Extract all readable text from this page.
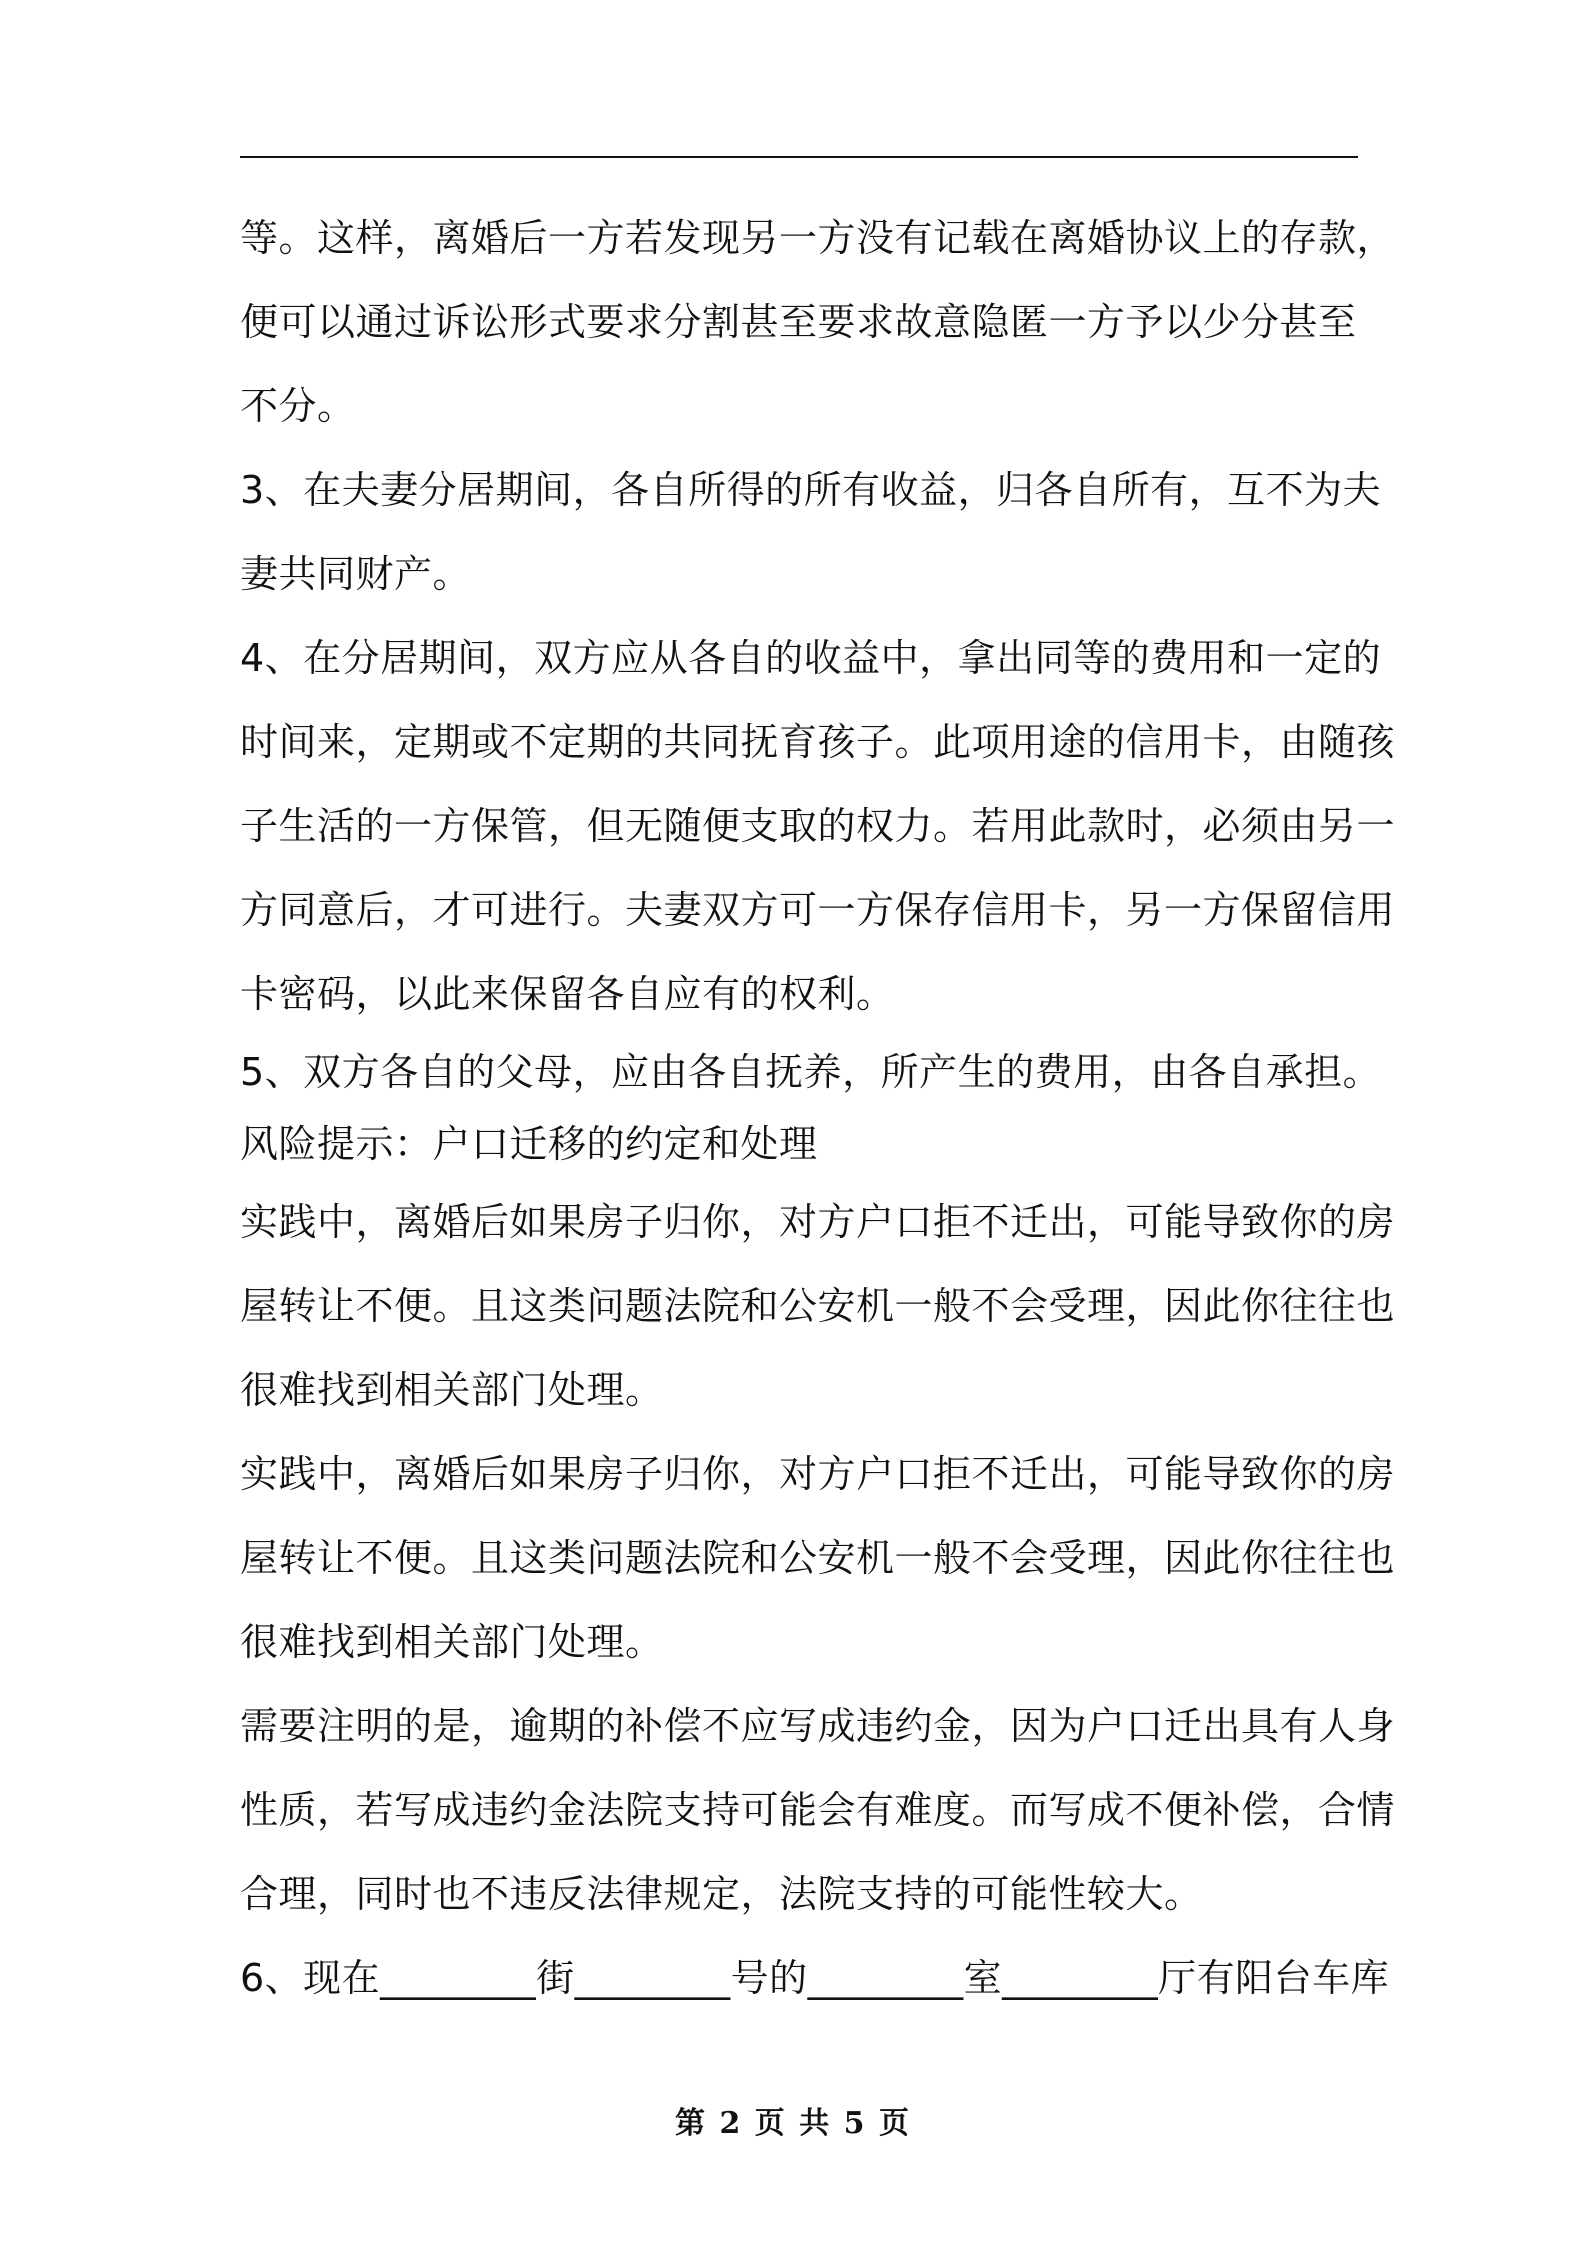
等。这样，离婚后一方若发现另一方没有记载在离婚协议上的存款，
便可以通过诉讼形式要求分割甚至要求故意隐匿一方予以少分甚至
不分。
3、在夫妻分居期间，各自所得的所有收益，归各自所有，互不为夫
妻共同财产。
4、在分居期间，双方应从各自的收益中，拿出同等的费用和一定的
时间来，定期或不定期的共同抚育孩子。此项用途的信用卡，由随孩
子生活的一方保管，但无随便支取的权力。若用此款时，必须由另一
方同意后，才可进行。夫妻双方可一方保存信用卡，另一方保留信用
卡密码，以此来保留各自应有的权利。
5、双方各自的父母，应由各自抚养，所产生的费用，由各自承担。
风险提示：户口迁移的约定和处理
实践中，离婚后如果房子归你，对方户口拒不迁出，可能导致你的房
屋转让不便。且这类问题法院和公安机一般不会受理，因此你往往也
很难找到相关部门处理。
实践中，离婚后如果房子归你，对方户口拒不迁出，可能导致你的房
屋转让不便。且这类问题法院和公安机一般不会受理，因此你往往也
很难找到相关部门处理。
需要注明的是，逾期的补偿不应写成违约金，因为户口迁出具有人身
性质，若写成违约金法院支持可能会有难度。而写成不便补偿，合情
合理，同时也不违反法律规定，法院支持的可能性较大。
6、现在________街________号的________室________厅有阳台车库
第 2 页 共 5 页
